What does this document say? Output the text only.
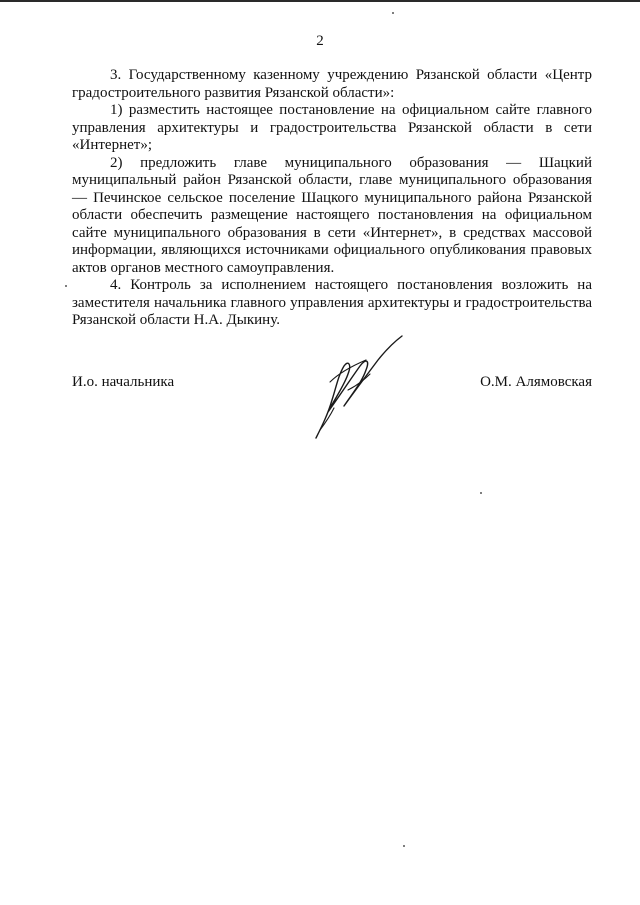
2

3. Государственному казенному учреждению Рязанской области «Центр градостроительного развития Рязанской области»:

1) разместить настоящее постановление на официальном сайте главного управления архитектуры и градостроительства Рязанской области в сети «Интернет»;

2) предложить главе муниципального образования — Шацкий муниципальный район Рязанской области, главе муниципального образования — Печинское сельское поселение Шацкого муниципального района Рязанской области обеспечить размещение настоящего постановления на официальном сайте муниципального образования в сети «Интернет», в средствах массовой информации, являющихся источниками официального опубликования правовых актов органов местного самоуправления.

4. Контроль за исполнением настоящего постановления возложить на заместителя начальника главного управления архитектуры и градостроительства Рязанской области Н.А. Дыкину.

И.о. начальника	О.М. Алямовская
